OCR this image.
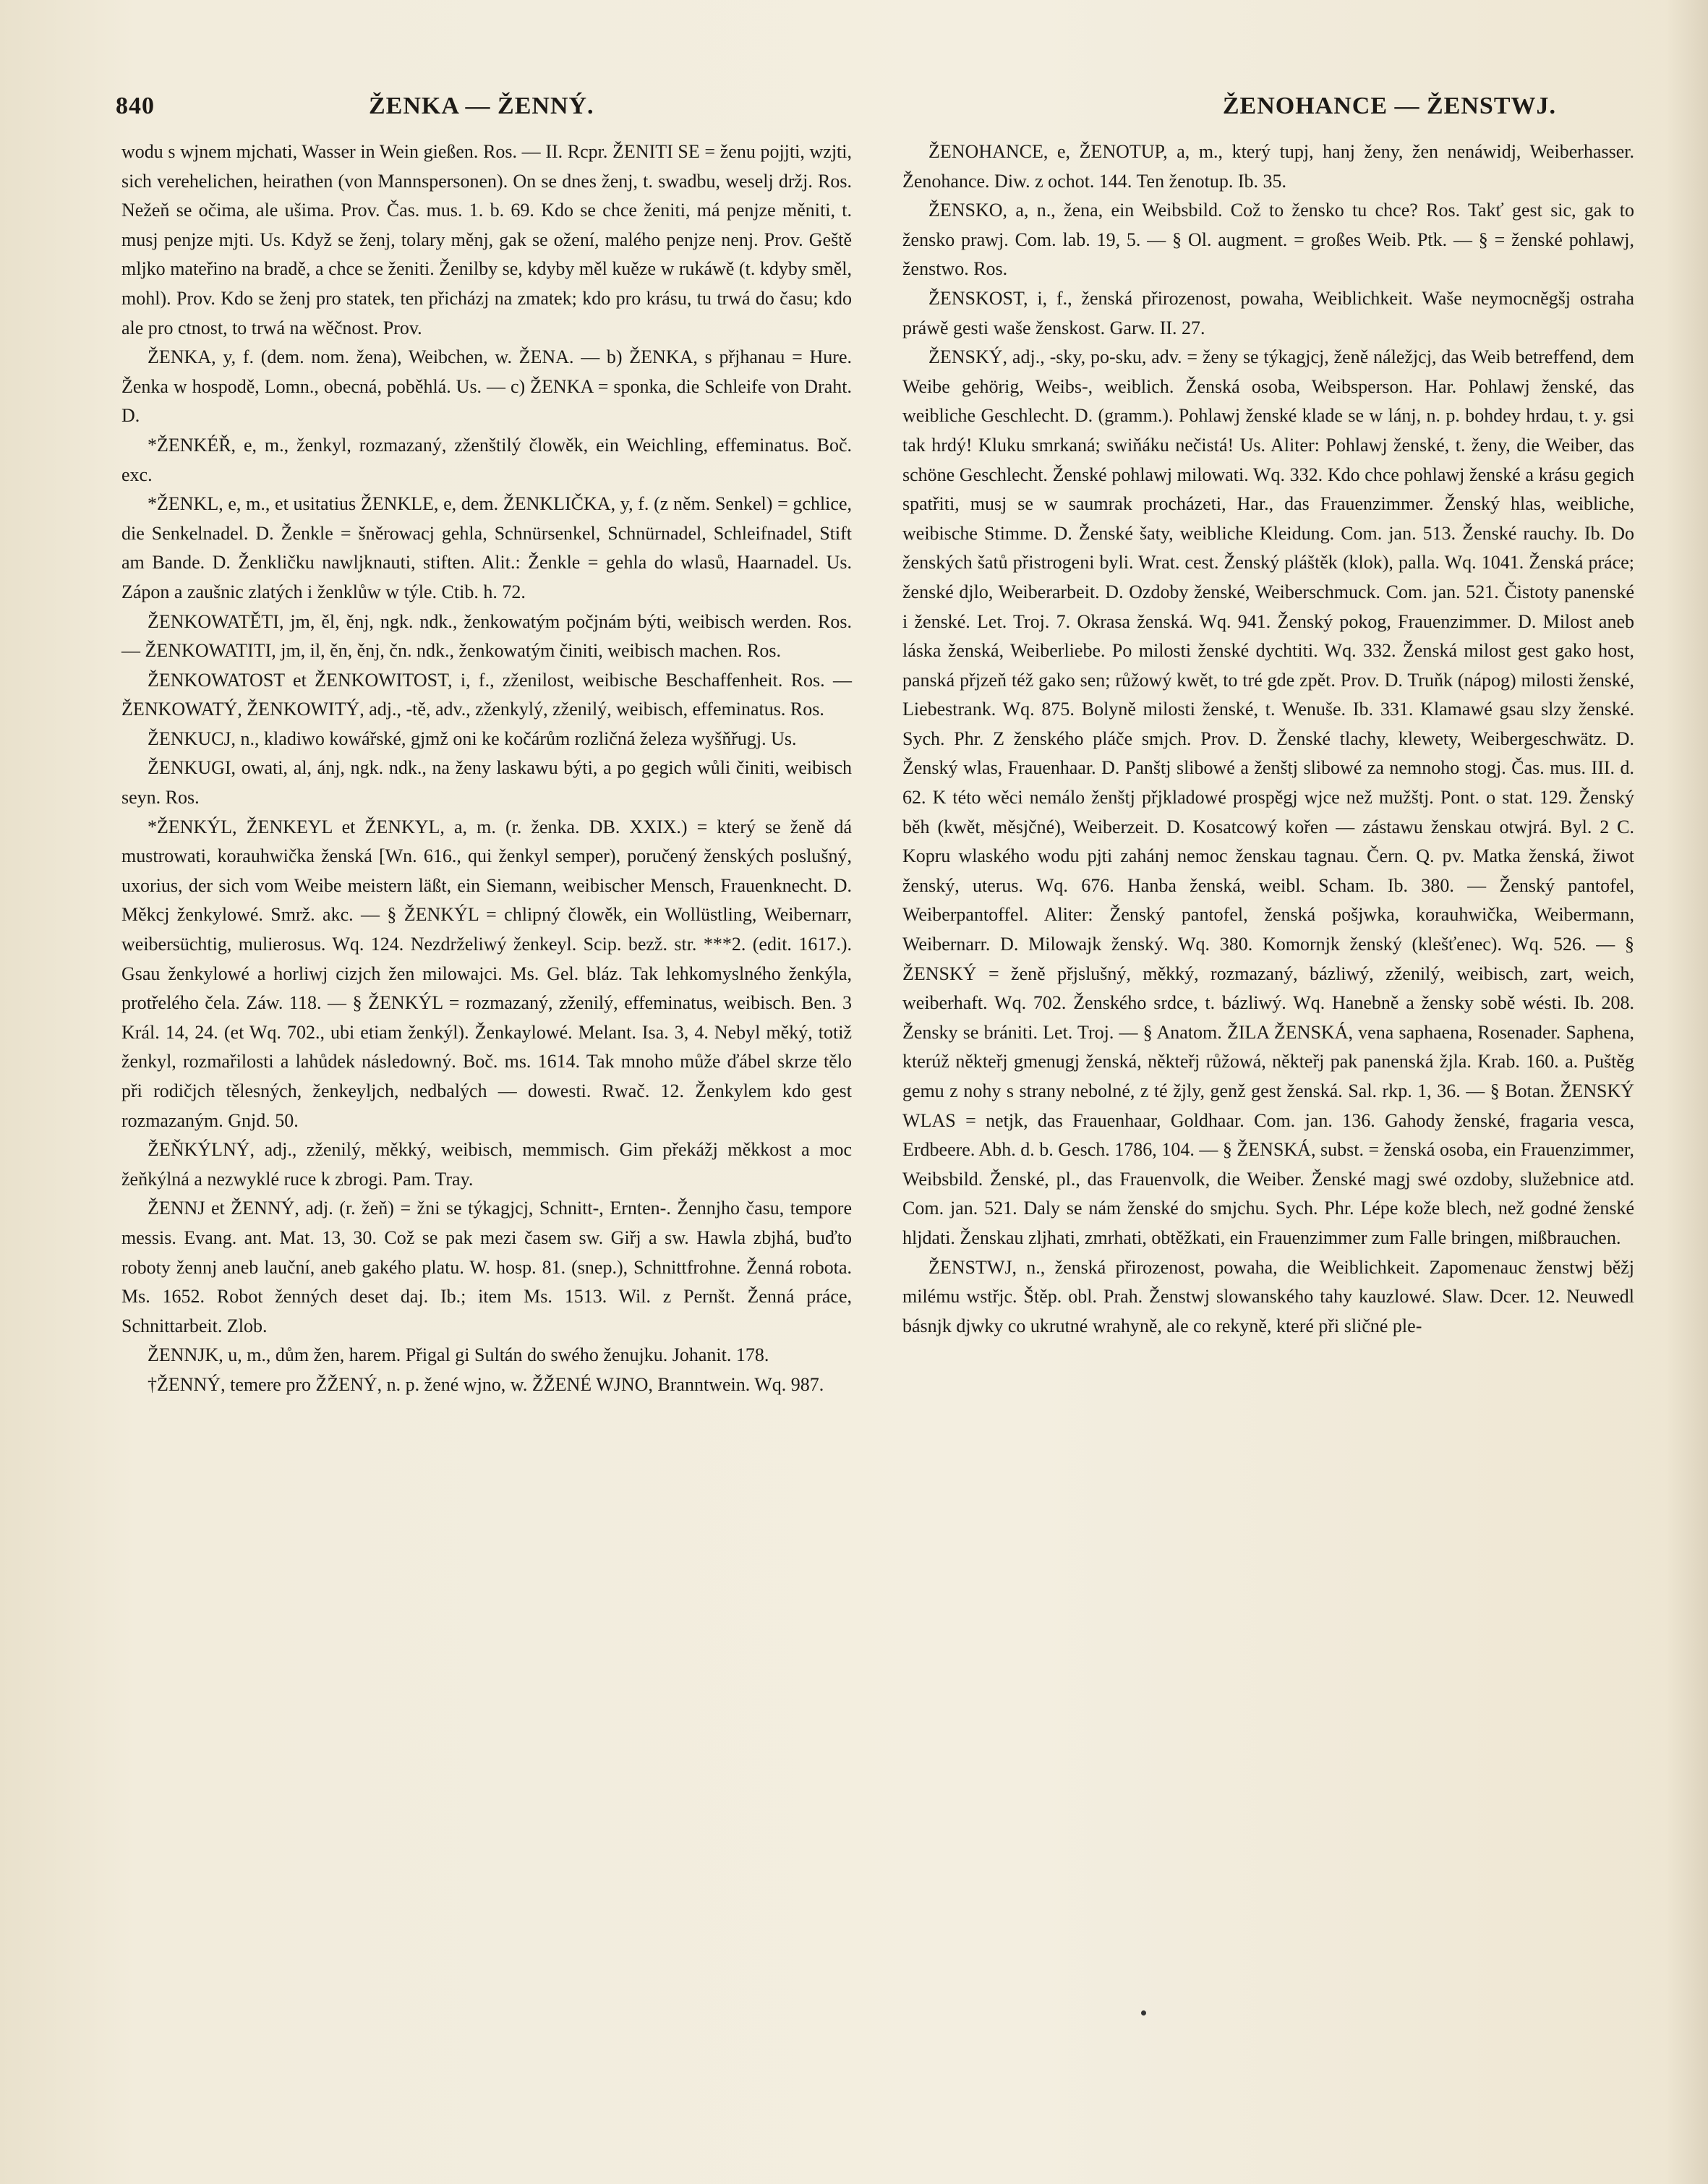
840	ŽENKA — ŽENNÝ.	ŽENOHANCE — ŽENSTWJ.

wodu s wjnem mjchati, Wasser in Wein gießen. Ros. — II. Rcpr. ŽENITI SE = ženu pojjti, wzjti, sich verehelichen, heirathen (von Mannspersonen). On se dnes ženj, t. swadbu, weselj držj. Ros. Nežeň se očima, ale ušima. Prov. Čas. mus. 1. b. 69. Kdo se chce ženiti, má penjze měniti, t. musj penjze mjti. Us. Když se ženj, tolary měnj, gak se ožení, malého penjze nenj. Prov. Geště mljko mateřino na bradě, a chce se ženiti. Ženilby se, kdyby měl kuěze w rukáwě (t. kdyby směl, mohl). Prov. Kdo se ženj pro statek, ten přicházj na zmatek; kdo pro krásu, tu trwá do času; kdo ale pro ctnost, to trwá na wěčnost. Prov.

ŽENKA, y, f. (dem. nom. žena), Weibchen, w. ŽENA. — b) ŽENKA, s přjhanau = Hure. Ženka w hospodě, Lomn., obecná, poběhlá. Us. — c) ŽENKA = sponka, die Schleife von Draht. D.

*ŽENKÉŘ, e, m., ženkyl, rozmazaný, zženštilý člowěk, ein Weichling, effeminatus. Boč. exc.

*ŽENKL, e, m., et usitatius ŽENKLE, e, dem. ŽENKLIČKA, y, f. (z něm. Senkel) = gchlice, die Senkelnadel. D. Ženkle = šněrowacj gehla, Schnürsenkel, Schnürnadel, Schleifnadel, Stift am Bande. D. Ženkličku nawljknauti, stiften. Alit.: Ženkle = gehla do wlasů, Haarnadel. Us. Zápon a zaušnic zlatých i ženklůw w týle. Ctib. h. 72.

ŽENKOWATĚTI, jm, ěl, ěnj, ngk. ndk., ženkowatým počjnám býti, weibisch werden. Ros. — ŽENKOWATITI, jm, il, ěn, ěnj, čn. ndk., ženkowatým činiti, weibisch machen. Ros.

ŽENKOWATOST et ŽENKOWITOST, i, f., zženilost, weibische Beschaffenheit. Ros. — ŽENKOWATÝ, ŽENKOWITÝ, adj., -tě, adv., zženkylý, zženilý, weibisch, effeminatus. Ros.

ŽENKUCJ, n., kladiwo kowářské, gjmž oni ke kočárům rozličná železa wyšňřugj. Us.

ŽENKUGI, owati, al, ánj, ngk. ndk., na ženy laskawu býti, a po gegich wůli činiti, weibisch seyn. Ros.

*ŽENKÝL, ŽENKEYL et ŽENKYL, a, m. (r. ženka. DB. XXIX.) = který se ženě dá mustrowati, korauhwička ženská [Wn. 616., qui ženkyl semper), poručený ženských poslušný, uxorius, der sich vom Weibe meistern läßt, ein Siemann, weibischer Mensch, Frauenknecht. D. Měkcj ženkylowé. Smrž. akc. — § ŽENKÝL = chlipný člowěk, ein Wollüstling, Weibernarr, weibersüchtig, mulierosus. Wq. 124. Nezdrželiwý ženkeyl. Scip. bezž. str. ***2. (edit. 1617.). Gsau ženkylowé a horliwj cizjch žen milowajci. Ms. Gel. bláz. Tak lehkomyslného ženkýla, protřelého čela. Záw. 118. — § ŽENKÝL = rozmazaný, zženilý, effeminatus, weibisch. Ben. 3 Král. 14, 24. (et Wq. 702., ubi etiam ženkýl). Ženkaylowé. Melant. Isa. 3, 4. Nebyl měký, totiž ženkyl, rozmařilosti a lahůdek následowný. Boč. ms. 1614. Tak mnoho může ďábel skrze tělo při rodičjch tělesných, ženkeyljch, nedbalých — dowesti. Rwač. 12. Ženkylem kdo gest rozmazaným. Gnjd. 50.

ŽEŇKÝLNÝ, adj., zženilý, měkký, weibisch, memmisch. Gim překážj měkkost a moc žeňkýlná a nezwyklé ruce k zbrogi. Pam. Tray.

ŽENNJ et ŽENNÝ, adj. (r. žeň) = žni se týkagjcj, Schnitt-, Ernten-. Žennjho času, tempore messis. Evang. ant. Mat. 13, 30. Což se pak mezi časem sw. Giřj a sw. Hawla zbjhá, buďto roboty žennj aneb lauční, aneb gakého platu. W. hosp. 81. (snep.), Schnittfrohne. Ženná robota. Ms. 1652. Robot ženných deset daj. Ib.; item Ms. 1513. Wil. z Pernšt. Ženná práce, Schnittarbeit. Zlob.

ŽENNJK, u, m., dům žen, harem. Přigal gi Sultán do swého ženujku. Johanit. 178.

†ŽENNÝ, temere pro ŽŽENÝ, n. p. žené wjno, w. ŽŽENÉ WJNO, Branntwein. Wq. 987.

ŽENOHANCE, e, ŽENOTUP, a, m., který tupj, hanj ženy, žen nenáwidj, Weiberhasser. Ženohance. Diw. z ochot. 144. Ten ženotup. Ib. 35.

ŽENSKO, a, n., žena, ein Weibsbild. Což to žensko tu chce? Ros. Takť gest sic, gak to žensko prawj. Com. lab. 19, 5. — § Ol. augment. = großes Weib. Ptk. — § = ženské pohlawj, ženstwo. Ros.

ŽENSKOST, i, f., ženská přirozenost, powaha, Weiblichkeit. Waše neymocněgšj ostraha práwě gesti waše ženskost. Garw. II. 27.

ŽENSKÝ, adj., -sky, po-sku, adv. = ženy se týkagjcj, ženě náležjcj, das Weib betreffend, dem Weibe gehörig, Weibs-, weiblich. Ženská osoba, Weibsperson. Har. Pohlawj ženské, das weibliche Geschlecht. D. (gramm.). Pohlawj ženské klade se w lánj, n. p. bohdey hrdau, t. y. gsi tak hrdý! Kluku smrkaná; swiňáku nečistá! Us. Aliter: Pohlawj ženské, t. ženy, die Weiber, das schöne Geschlecht. Ženské pohlawj milowati. Wq. 332. Kdo chce pohlawj ženské a krásu gegich spatřiti, musj se w saumrak procházeti, Har., das Frauenzimmer. Ženský hlas, weibliche, weibische Stimme. D. Ženské šaty, weibliche Kleidung. Com. jan. 513. Ženské rauchy. Ib. Do ženských šatů přistrogeni byli. Wrat. cest. Ženský pláštěk (klok), palla. Wq. 1041. Ženská práce; ženské djlo, Weiberarbeit. D. Ozdoby ženské, Weiberschmuck. Com. jan. 521. Čistoty panenské i ženské. Let. Troj. 7. Okrasa ženská. Wq. 941. Ženský pokog, Frauenzimmer. D. Milost aneb láska ženská, Weiberliebe. Po milosti ženské dychtiti. Wq. 332. Ženská milost gest gako host, panská přjzeň též gako sen; růžowý kwět, to tré gde zpět. Prov. D. Truňk (nápog) milosti ženské, Liebestrank. Wq. 875. Bolyně milosti ženské, t. Wenuše. Ib. 331. Klamawé gsau slzy ženské. Sych. Phr. Z ženského pláče smjch. Prov. D. Ženské tlachy, klewety, Weibergeschwätz. D. Ženský wlas, Frauenhaar. D. Panštj slibowé a ženštj slibowé za nemnoho stogj. Čas. mus. III. d. 62. K této wěci nemálo ženštj přjkladowé prospěgj wjce než mužštj. Pont. o stat. 129. Ženský běh (kwět, měsjčné), Weiberzeit. D. Kosatcowý kořen — zástawu ženskau otwjrá. Byl. 2 C. Kopru wlaského wodu pjti zahánj nemoc ženskau tagnau. Čern. Q. pv. Matka ženská, žiwot ženský, uterus. Wq. 676. Hanba ženská, weibl. Scham. Ib. 380. — Ženský pantofel, Weiberpantoffel. Aliter: Ženský pantofel, ženská pošjwka, korauhwička, Weibermann, Weibernarr. D. Milowajk ženský. Wq. 380. Komornjk ženský (klešťenec). Wq. 526. — § ŽENSKÝ = ženě přjslušný, měkký, rozmazaný, bázliwý, zženilý, weibisch, zart, weich, weiberhaft. Wq. 702. Ženského srdce, t. bázliwý. Wq. Hanebně a žensky sobě wésti. Ib. 208. Žensky se brániti. Let. Troj. — § Anatom. ŽILA ŽENSKÁ, vena saphaena, Rosenader. Saphena, kterúž někteřj gmenugj ženská, někteřj růžowá, někteřj pak panenská žjla. Krab. 160. a. Puštěg gemu z nohy s strany nebolné, z té žjly, genž gest ženská. Sal. rkp. 1, 36. — § Botan. ŽENSKÝ WLAS = netjk, das Frauenhaar, Goldhaar. Com. jan. 136. Gahody ženské, fragaria vesca, Erdbeere. Abh. d. b. Gesch. 1786, 104. — § ŽENSKÁ, subst. = ženská osoba, ein Frauenzimmer, Weibsbild. Ženské, pl., das Frauenvolk, die Weiber. Ženské magj swé ozdoby, služebnice atd. Com. jan. 521. Daly se nám ženské do smjchu. Sych. Phr. Lépe kože blech, než godné ženské hljdati. Ženskau zljhati, zmrhati, obtěžkati, ein Frauenzimmer zum Falle bringen, mißbrauchen.

ŽENSTWJ, n., ženská přirozenost, powaha, die Weiblichkeit. Zapomenauc ženstwj běžj milému wstřjc. Štěp. obl. Prah. Ženstwj slowanského tahy kauzlowé. Slaw. Dcer. 12. Neuwedl básnjk djwky co ukrutné wrahyně, ale co rekyně, které při sličné ple-
